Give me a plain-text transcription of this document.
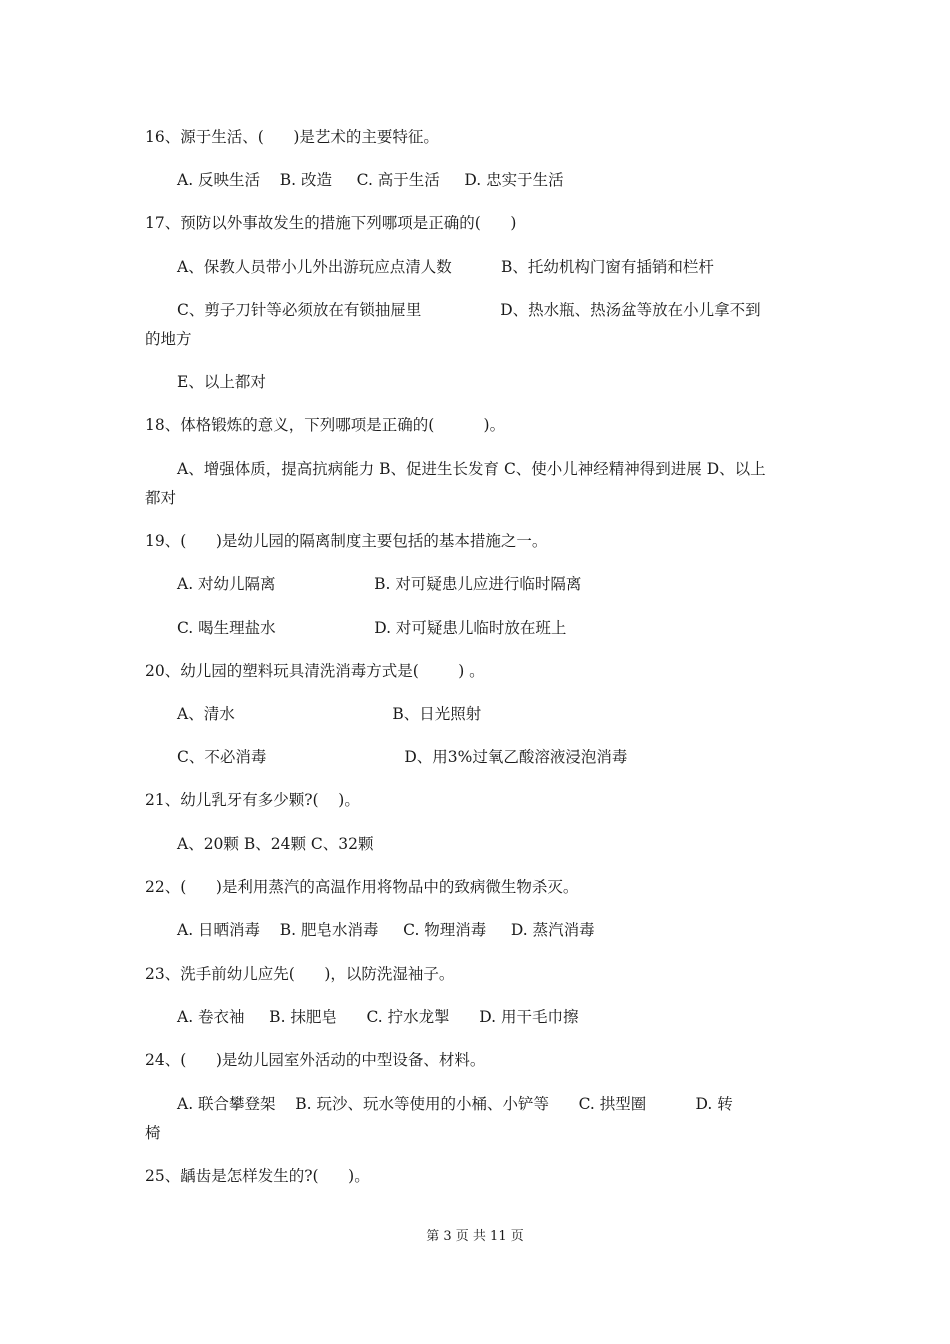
16、源于生活、(      )是艺术的主要特征。
A. 反映生活    B. 改造     C. 高于生活     D. 忠实于生活
17、预防以外事故发生的措施下列哪项是正确的(      )
A、保教人员带小儿外出游玩应点清人数          B、托幼机构门窗有插销和栏杆
C、剪子刀针等必须放在有锁抽屉里                D、热水瓶、热汤盆等放在小儿拿不到
的地方
E、以上都对
18、体格锻炼的意义，下列哪项是正确的(          )。
A、增强体质，提高抗病能力 B、促进生长发育 C、使小儿神经精神得到进展 D、以上
都对
19、(      )是幼儿园的隔离制度主要包括的基本措施之一。
A. 对幼儿隔离                    B. 对可疑患儿应进行临时隔离
C. 喝生理盐水                    D. 对可疑患儿临时放在班上
20、幼儿园的塑料玩具清洗消毒方式是(        ) 。
A、清水                                B、日光照射
C、不必消毒                            D、用3%过氧乙酸溶液浸泡消毒
21、幼儿乳牙有多少颗?(    )。
A、20颗 B、24颗 C、32颗
22、(      )是利用蒸汽的高温作用将物品中的致病微生物杀灭。
A. 日晒消毒    B. 肥皂水消毒     C. 物理消毒     D. 蒸汽消毒
23、洗手前幼儿应先(      )，以防洗湿袖子。
A. 卷衣袖     B. 抹肥皂      C. 拧水龙掣      D. 用干毛巾擦
24、(      )是幼儿园室外活动的中型设备、材料。
A. 联合攀登架    B. 玩沙、玩水等使用的小桶、小铲等      C. 拱型圈          D. 转
椅
25、龋齿是怎样发生的?(      )。
第 3 页 共 11 页
